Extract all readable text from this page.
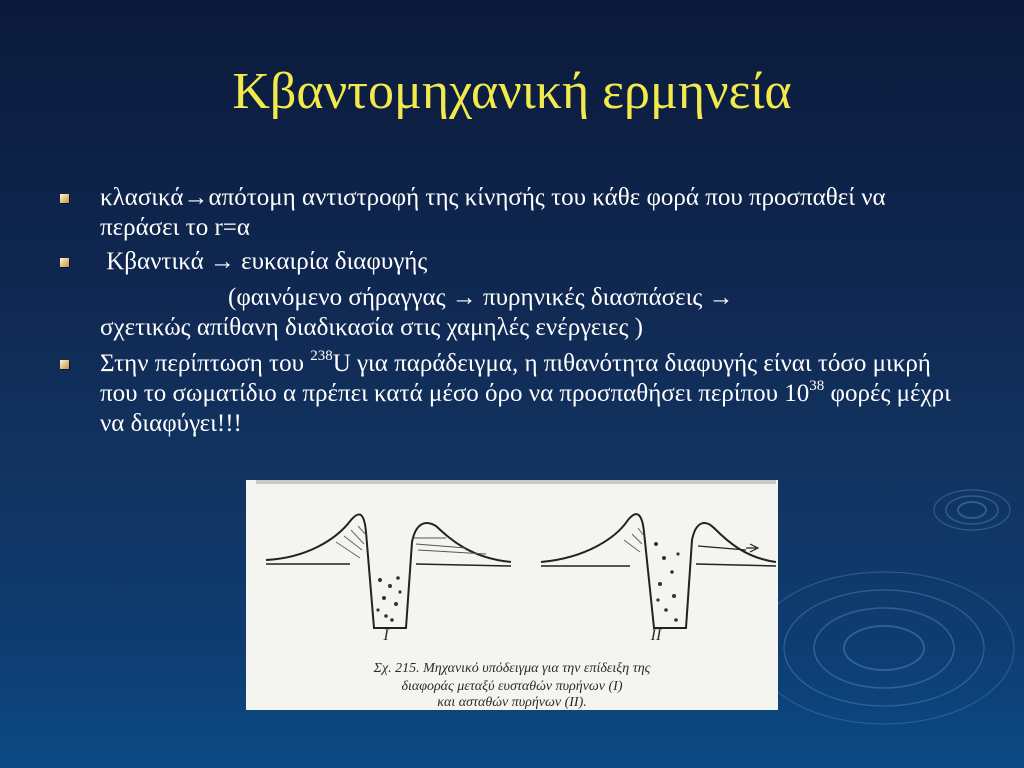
Κβαντομηχανική ερμηνεία
κλασικά→απότομη αντιστροφή της κίνησής του κάθε φορά που προσπαθεί να περάσει το r=α
Κβαντικά → ευκαιρία διαφυγής
(φαινόμενο σήραγγας → πυρηνικές διασπάσεις →
σχετικώς απίθανη διαδικασία στις χαμηλές ενέργειες )
Στην περίπτωση του $^{238}$U για παράδειγμα, η πιθανότητα διαφυγής είναι τόσο μικρή που το σωματίδιο α πρέπει κατά μέσο όρο να προσπαθήσει περίπου $10^{38}$ φορές μέχρι να διαφύγει!!!
I	II
Σχ. 215. Μηχανικό υπόδειγμα για την επίδειξη της
διαφοράς μεταξύ ευσταθών πυρήνων (I)
και ασταθών πυρήνων (II).
